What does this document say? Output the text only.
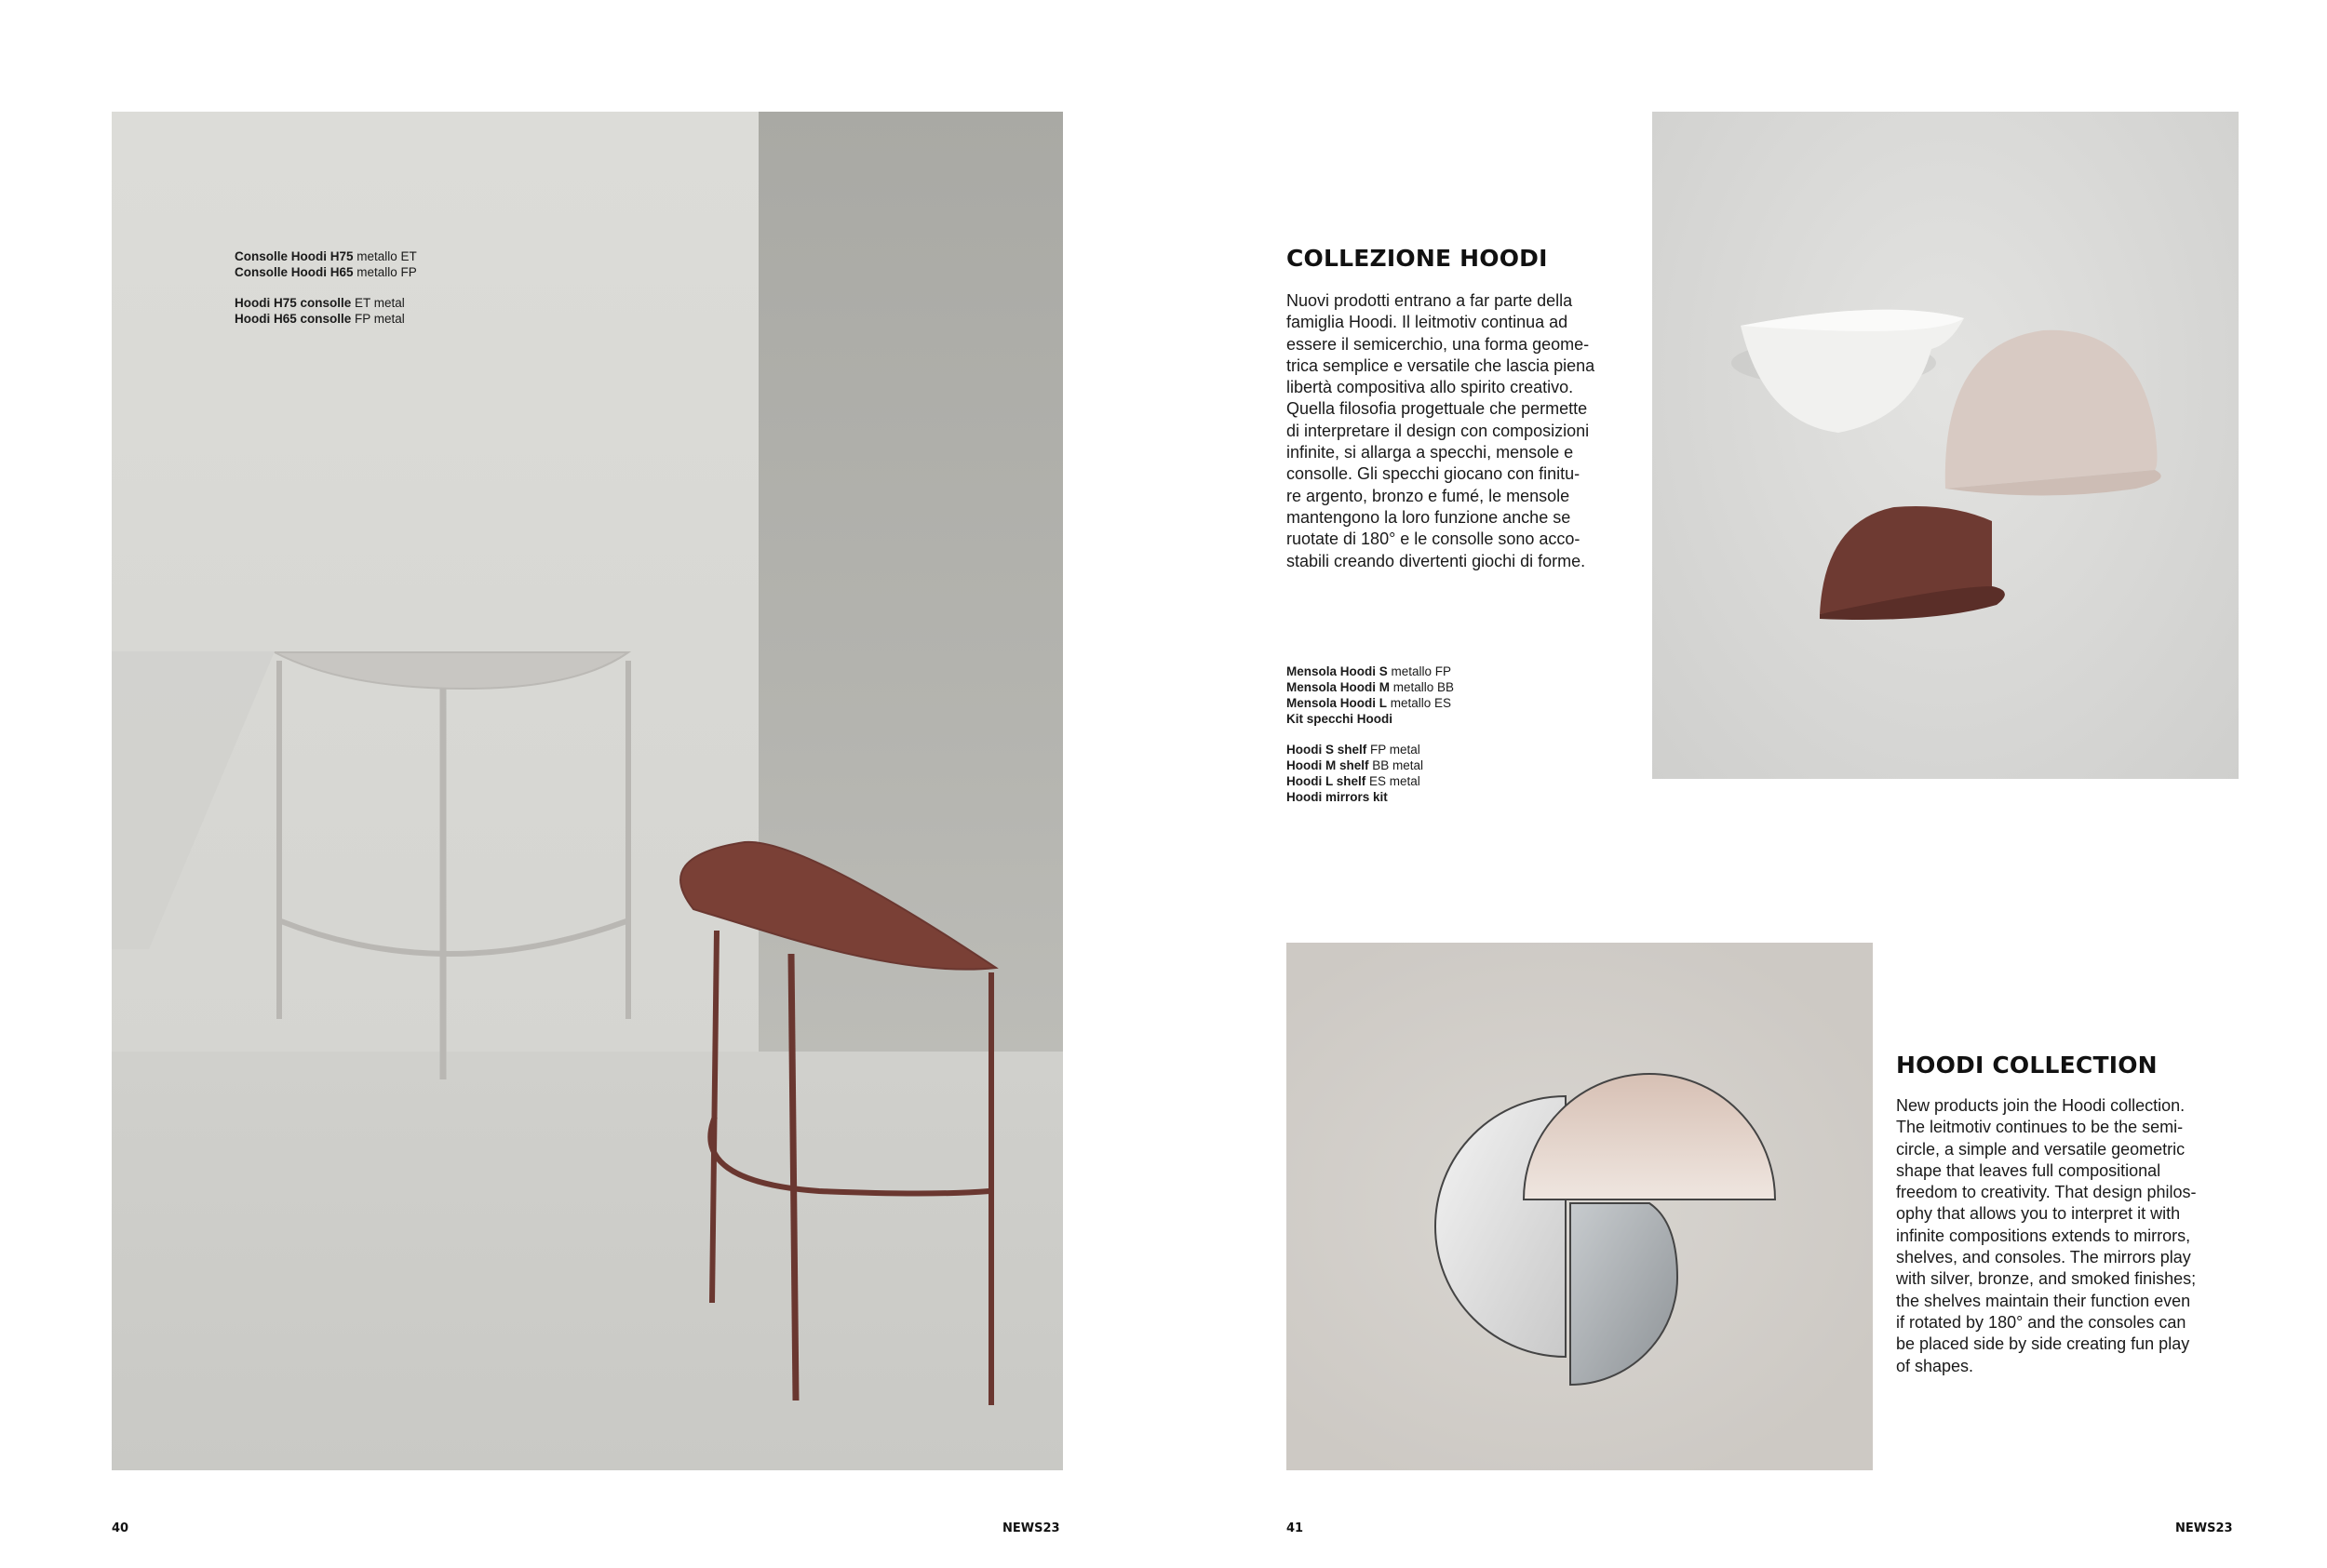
Consolle Hoodi H75 metallo ET
Consolle Hoodi H65 metallo FP
Hoodi H75 consolle ET metal
Hoodi H65 consolle FP metal
40	NEWS23
COLLEZIONE HOODI
Nuovi prodotti entrano a far parte della
famiglia Hoodi. Il leitmotiv continua ad
essere il semicerchio, una forma geome-
trica semplice e versatile che lascia piena
libertà compositiva allo spirito creativo.
Quella filosofia progettuale che permette
di interpretare il design con composizioni
infinite, si allarga a specchi, mensole e
consolle. Gli specchi giocano con finitu-
re argento, bronzo e fumé, le mensole
mantengono la loro funzione anche se
ruotate di 180° e le consolle sono acco-
stabili creando divertenti giochi di forme.
Mensola Hoodi S metallo FP
Mensola Hoodi M metallo BB
Mensola Hoodi L metallo ES
Kit specchi Hoodi
Hoodi S shelf FP metal
Hoodi M shelf BB metal
Hoodi L shelf ES metal
Hoodi mirrors kit
HOODI COLLECTION
New products join the Hoodi collection.
The leitmotiv continues to be the semi-
circle, a simple and versatile geometric
shape that leaves full compositional
freedom to creativity. That design philos-
ophy that allows you to interpret it with
infinite compositions extends to mirrors,
shelves, and consoles. The mirrors play
with silver, bronze, and smoked finishes;
the shelves maintain their function even
if rotated by 180° and the consoles can
be placed side by side creating fun play
of shapes.
41	NEWS23
